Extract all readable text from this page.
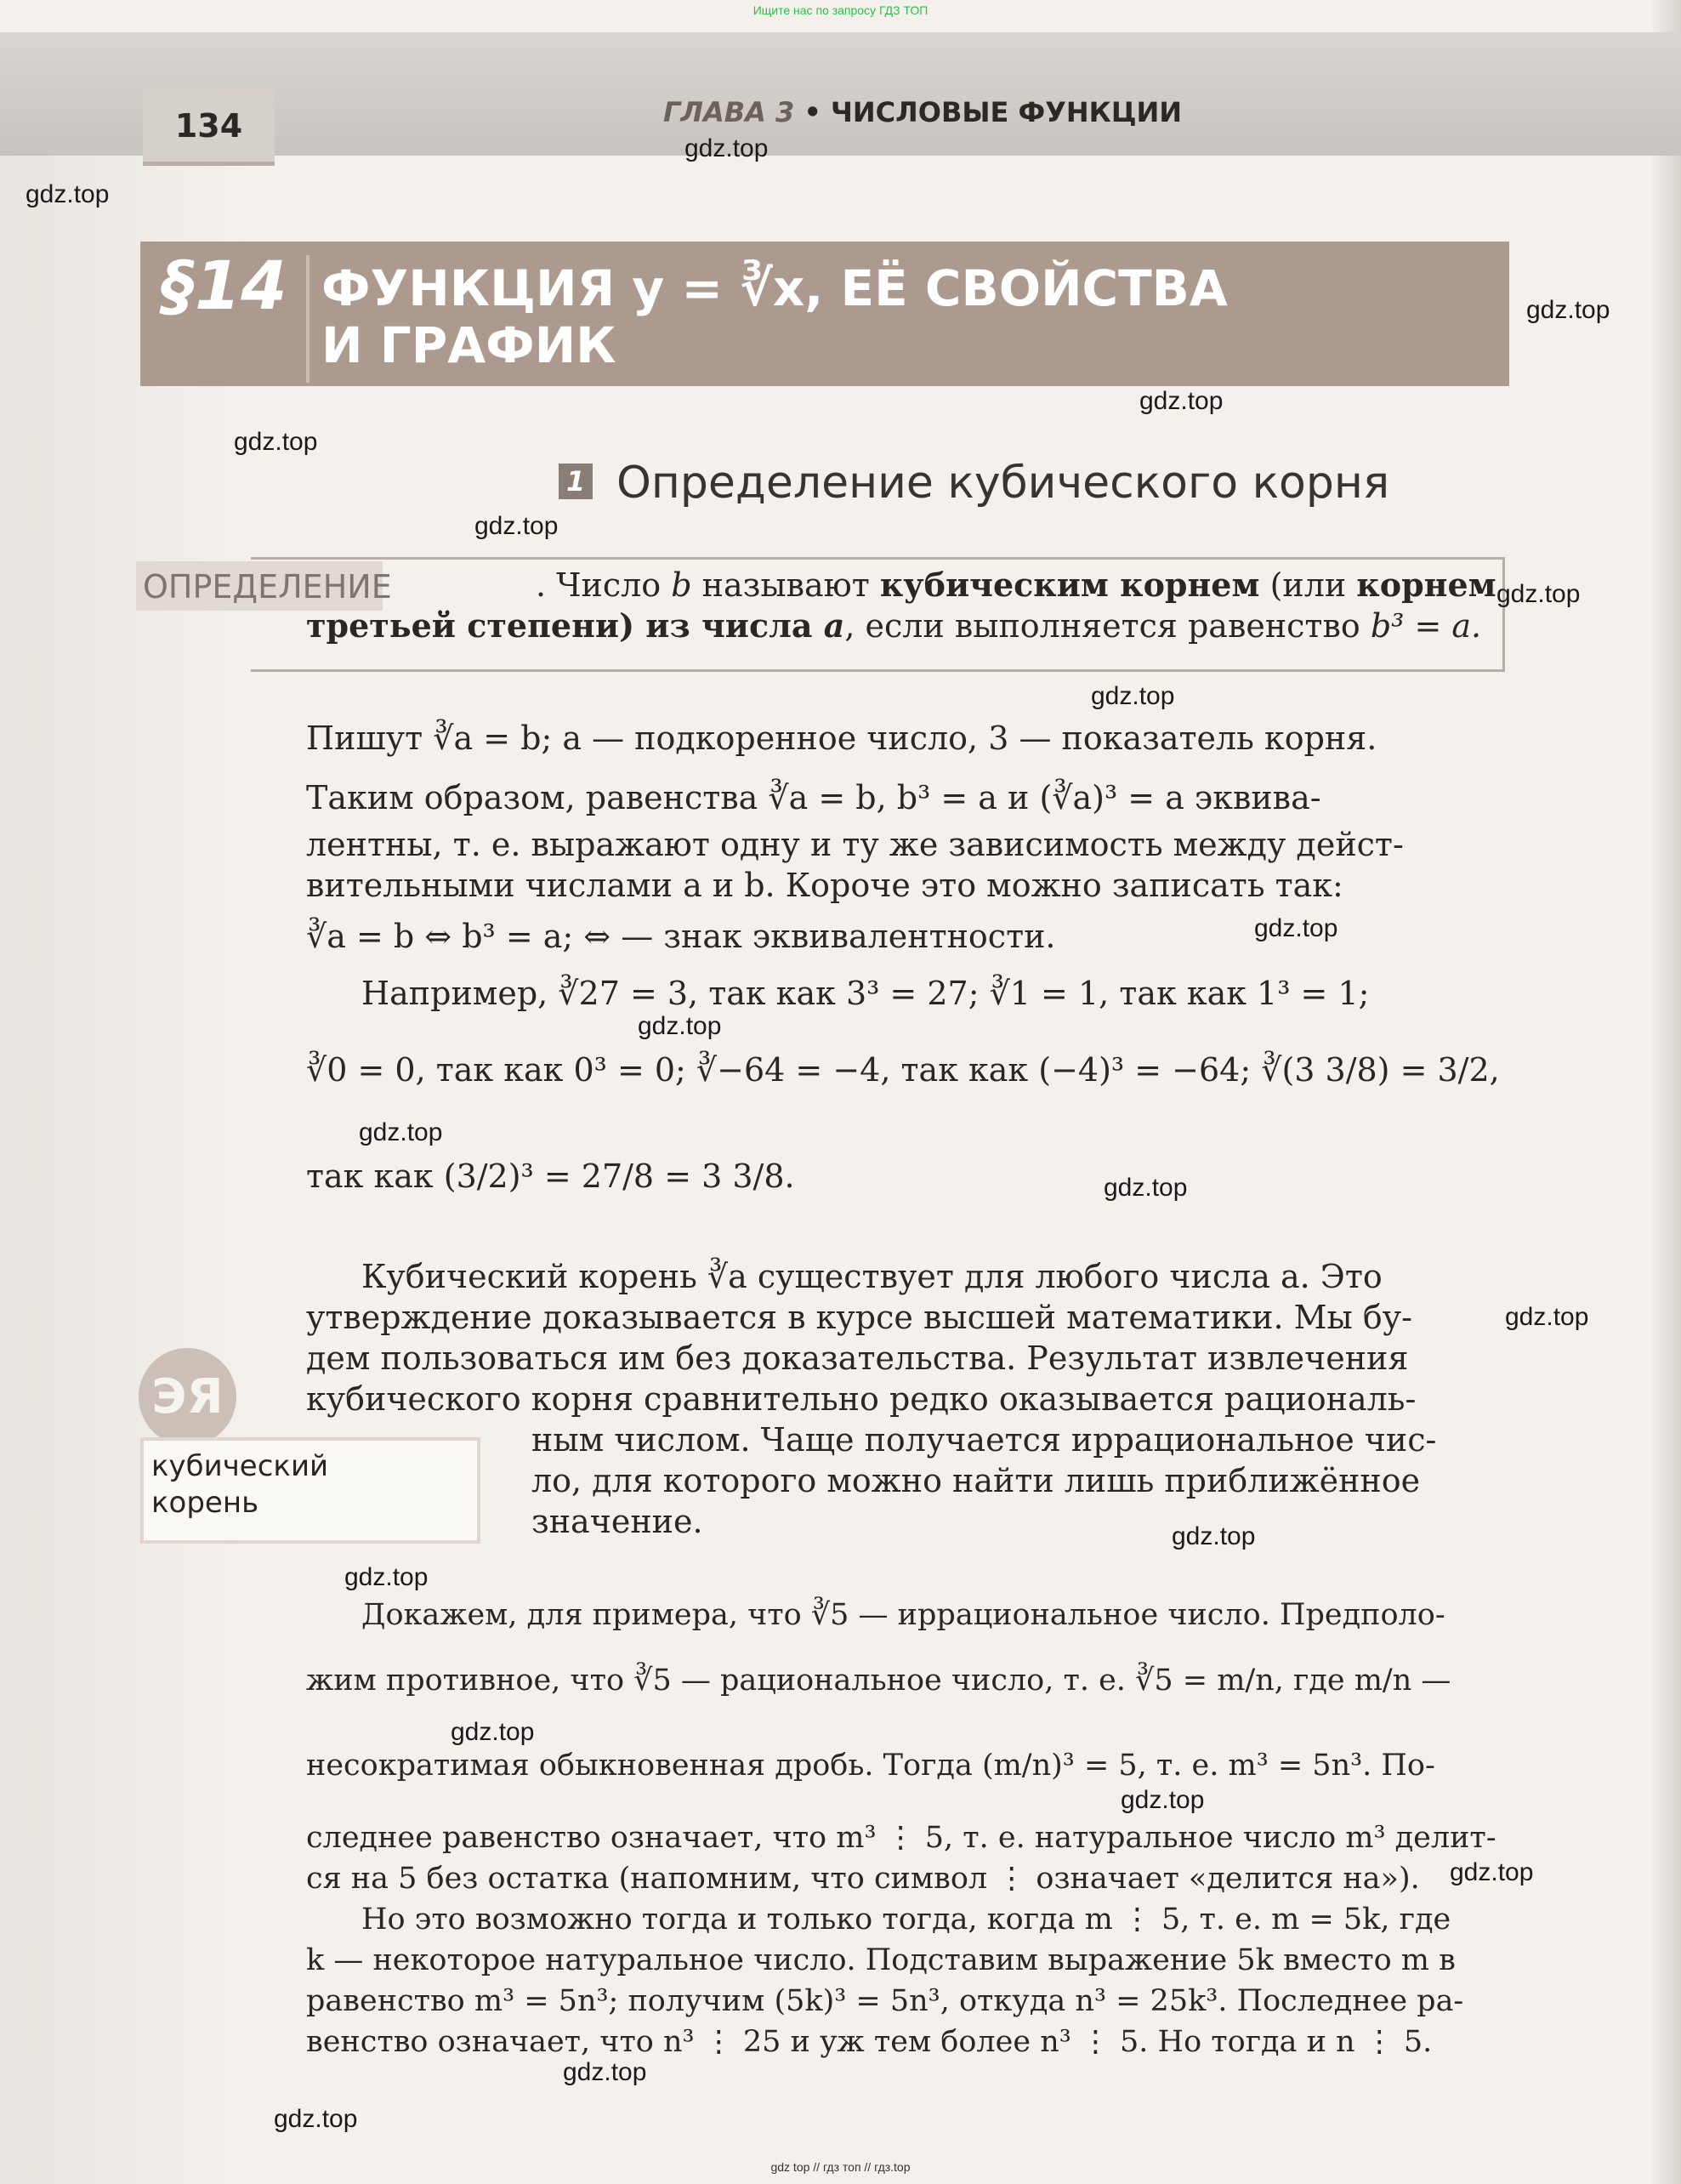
Ищите нас по запросу ГДЗ ТОП
134	ГЛАВА 3 • ЧИСЛОВЫЕ ФУНКЦИИ
§14 ФУНКЦИЯ y = ∛x, ЕЁ СВОЙСТВА
И ГРАФИК
1 Определение кубического корня
ОПРЕДЕЛЕНИЕ	. Число b называют кубическим корнем (или корнем
третьей степени) из числа a, если выполняется равенство b³ = a.
ЭЯ
кубический
корень
Пишут ∛a = b; a — подкоренное число, 3 — показатель корня.
Таким образом, равенства ∛a = b, b³ = a и (∛a)³ = a эквива-
лентны, т. е. выражают одну и ту же зависимость между дейст-
вительными числами a и b. Короче это можно записать так:
∛a = b ⇔ b³ = a; ⇔ — знак эквивалентности.
Например, ∛27 = 3, так как 3³ = 27; ∛1 = 1, так как 1³ = 1;
∛0 = 0, так как 0³ = 0; ∛−64 = −4, так как (−4)³ = −64; ∛(3 3/8) = 3/2,
так как (3/2)³ = 27/8 = 3 3/8.
Кубический корень ∛a существует для любого числа a. Это
утверждение доказывается в курсе высшей математики. Мы бу-
дем пользоваться им без доказательства. Результат извлечения
кубического корня сравнительно редко оказывается рациональ-
ным числом. Чаще получается иррациональное чис-
ло, для которого можно найти лишь приближённое
значение.
Докажем, для примера, что ∛5 — иррациональное число. Предполо-
жим противное, что ∛5 — рациональное число, т. е. ∛5 = m/n, где m/n —
несократимая обыкновенная дробь. Тогда (m/n)³ = 5, т. е. m³ = 5n³. По-
следнее равенство означает, что m³ ⋮ 5, т. е. натуральное число m³ делит-
ся на 5 без остатка (напомним, что символ ⋮ означает «делится на»).
Но это возможно тогда и только тогда, когда m ⋮ 5, т. е. m = 5k, где
k — некоторое натуральное число. Подставим выражение 5k вместо m в
равенство m³ = 5n³; получим (5k)³ = 5n³, откуда n³ = 25k³. Последнее ра-
венство означает, что n³ ⋮ 25 и уж тем более n³ ⋮ 5. Но тогда и n ⋮ 5.
gdz.top
gdz.top
gdz.top
gdz.top
gdz.top
gdz.top
gdz.top
gdz.top
gdz.top
gdz.top
gdz.top
gdz.top
gdz.top
gdz.top
gdz.top
gdz.top
gdz.top
gdz.top
gdz.top
gdz.top
gdz top // гдз топ // гдз.top
